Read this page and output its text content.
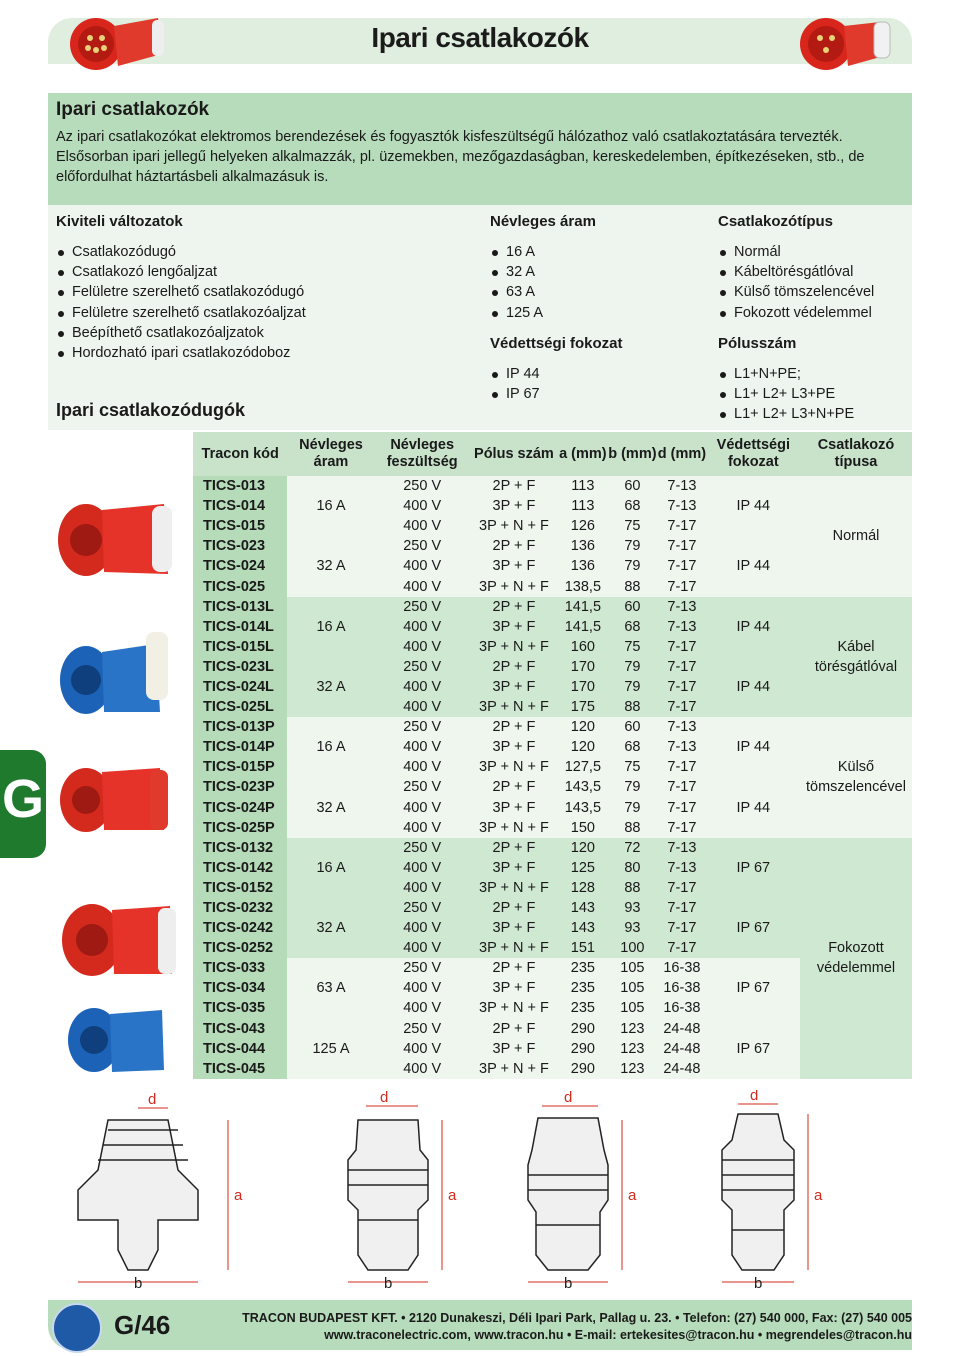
Ipari csatlakozók
Ipari csatlakozók

Az ipari csatlakozókat elektromos berendezések és fogyasztók kisfeszültségű hálózathoz való csatlakoztatására tervezték. Elsősorban ipari jellegű helyeken alkalmazzák, pl. üzemekben, mezőgazdaságban, kereskedelemben, építkezéseken, stb., de előfordulhat háztartásbeli alkalmazásuk is.

Kiviteli változatok
Csatlakozódugó
Csatlakozó lengőaljzat
Felületre szerelhető csatlakozódugó
Felületre szerelhető csatlakozóaljzat
Beépíthető csatlakozóaljzatok
Hordozható ipari csatlakozódoboz
Névleges áram
16 A
32 A
63 A
125 A
Védettségi fokozat
IP 44
IP 67
Csatlakozótípus
Normál
Kábeltörésgátlóval
Külső tömszelencével
Fokozott védelemmel
Pólusszám
L1+N+PE;
L1+ L2+ L3+PE
L1+ L2+ L3+N+PE
Ipari csatlakozódugók
Tracon kód	Névleges áram	Névleges feszültség	Pólus szám	a (mm)	b (mm)	d (mm)	Védettségi fokozat	Csatlakozó típusa
TICS-013		250 V	2P + F	113	60	7-13		Normál
TICS-014	16 A	400 V	3P + F	113	68	7-13	IP 44	
TICS-015		400 V	3P + N + F	126	75	7-17		
TICS-023		250 V	2P + F	136	79	7-17		
TICS-024	32 A	400 V	3P + F	136	79	7-17	IP 44	
TICS-025		400 V	3P + N + F	138,5	88	7-17		
TICS-013L		250 V	2P + F	141,5	60	7-13		Kábel törésgátlóval
TICS-014L	16 A	400 V	3P + F	141,5	68	7-13	IP 44	
TICS-015L		400 V	3P + N + F	160	75	7-17		
TICS-023L		250 V	2P + F	170	79	7-17		
TICS-024L	32 A	400 V	3P + F	170	79	7-17	IP 44	
TICS-025L		400 V	3P + N + F	175	88	7-17		
TICS-013P		250 V	2P + F	120	60	7-13		Külső tömszelencével
TICS-014P	16 A	400 V	3P + F	120	68	7-13	IP 44	
TICS-015P		400 V	3P + N + F	127,5	75	7-17		
TICS-023P		250 V	2P + F	143,5	79	7-17		
TICS-024P	32 A	400 V	3P + F	143,5	79	7-17	IP 44	
TICS-025P		400 V	3P + N + F	150	88	7-17		
TICS-0132		250 V	2P + F	120	72	7-13		Fokozott védelemmel
TICS-0142	16 A	400 V	3P + F	125	80	7-13	IP 67	
TICS-0152		400 V	3P + N + F	128	88	7-17		
TICS-0232		250 V	2P + F	143	93	7-17		
TICS-0242	32 A	400 V	3P + F	143	93	7-17	IP 67	
TICS-0252		400 V	3P + N + F	151	100	7-17		
TICS-033		250 V	2P + F	235	105	16-38		
TICS-034	63 A	400 V	3P + F	235	105	16-38	IP 67	
TICS-035		400 V	3P + N + F	235	105	16-38		
TICS-043		250 V	2P + F	290	123	24-48		
TICS-044	125 A	400 V	3P + F	290	123	24-48	IP 67	
TICS-045		400 V	3P + N + F	290	123	24-48		
G
d	d	d	d
a	a	a	a
b	b	b	b
G/46	TRACON BUDAPEST KFT. • 2120 Dunakeszi, Déli Ipari Park, Pallag u. 23. • Telefon: (27) 540 000, Fax: (27) 540 005
www.traconelectric.com, www.tracon.hu • E-mail: ertekesites@tracon.hu • megrendeles@tracon.hu
